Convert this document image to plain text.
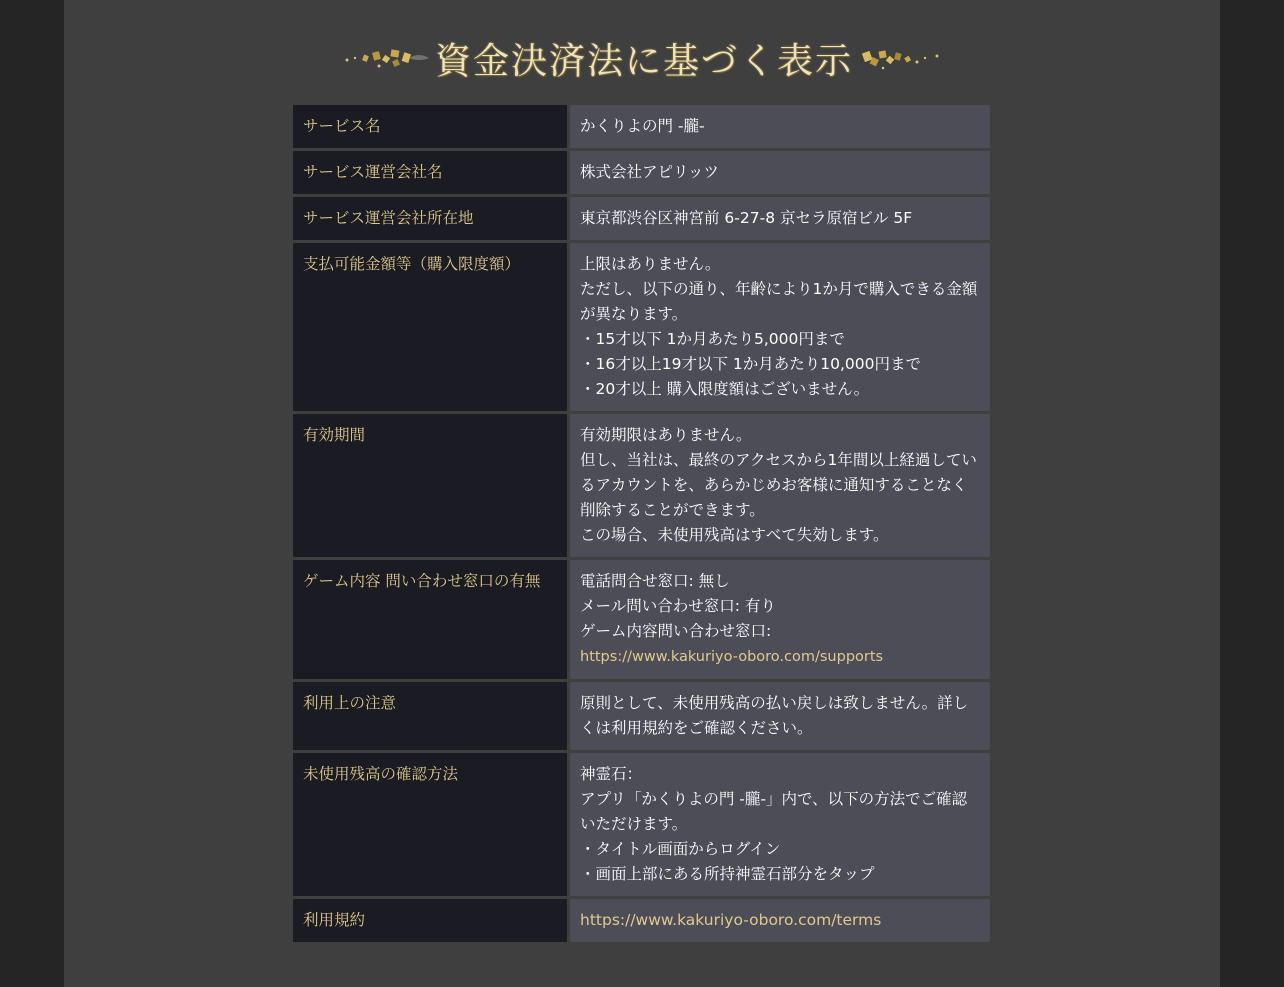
資金決済法に基づく表示
サービス名	かくりよの門 -朧-
サービス運営会社名	株式会社アピリッツ
サービス運営会社所在地	東京都渋谷区神宮前 6-27-8 京セラ原宿ビル 5F
支払可能金額等（購入限度額）	上限はありません。
ただし、以下の通り、年齢により1か月で購入できる金額が異なります。
・15才以下 1か月あたり5,000円まで
・16才以上19才以下 1か月あたり10,000円まで
・20才以上 購入限度額はございません。

有効期間	有効期限はありません。
但し、当社は、最終のアクセスから1年間以上経過しているアカウントを、あらかじめお客様に通知することなく削除することができます。
この場合、未使用残高はすべて失効します。

ゲーム内容 問い合わせ窓口の有無	電話問合せ窓口: 無し
メール問い合わせ窓口: 有り
ゲーム内容問い合わせ窓口:
https://www.kakuriyo-oboro.com/supports

利用上の注意	原則として、未使用残高の払い戻しは致しません。詳しくは利用規約をご確認ください。
未使用残高の確認方法	神霊石：
アプリ「かくりよの門 -朧-」内で、以下の方法でご確認いただけます。
・タイトル画面からログイン
・画面上部にある所持神霊石部分をタップ

利用規約	https://www.kakuriyo-oboro.com/terms
